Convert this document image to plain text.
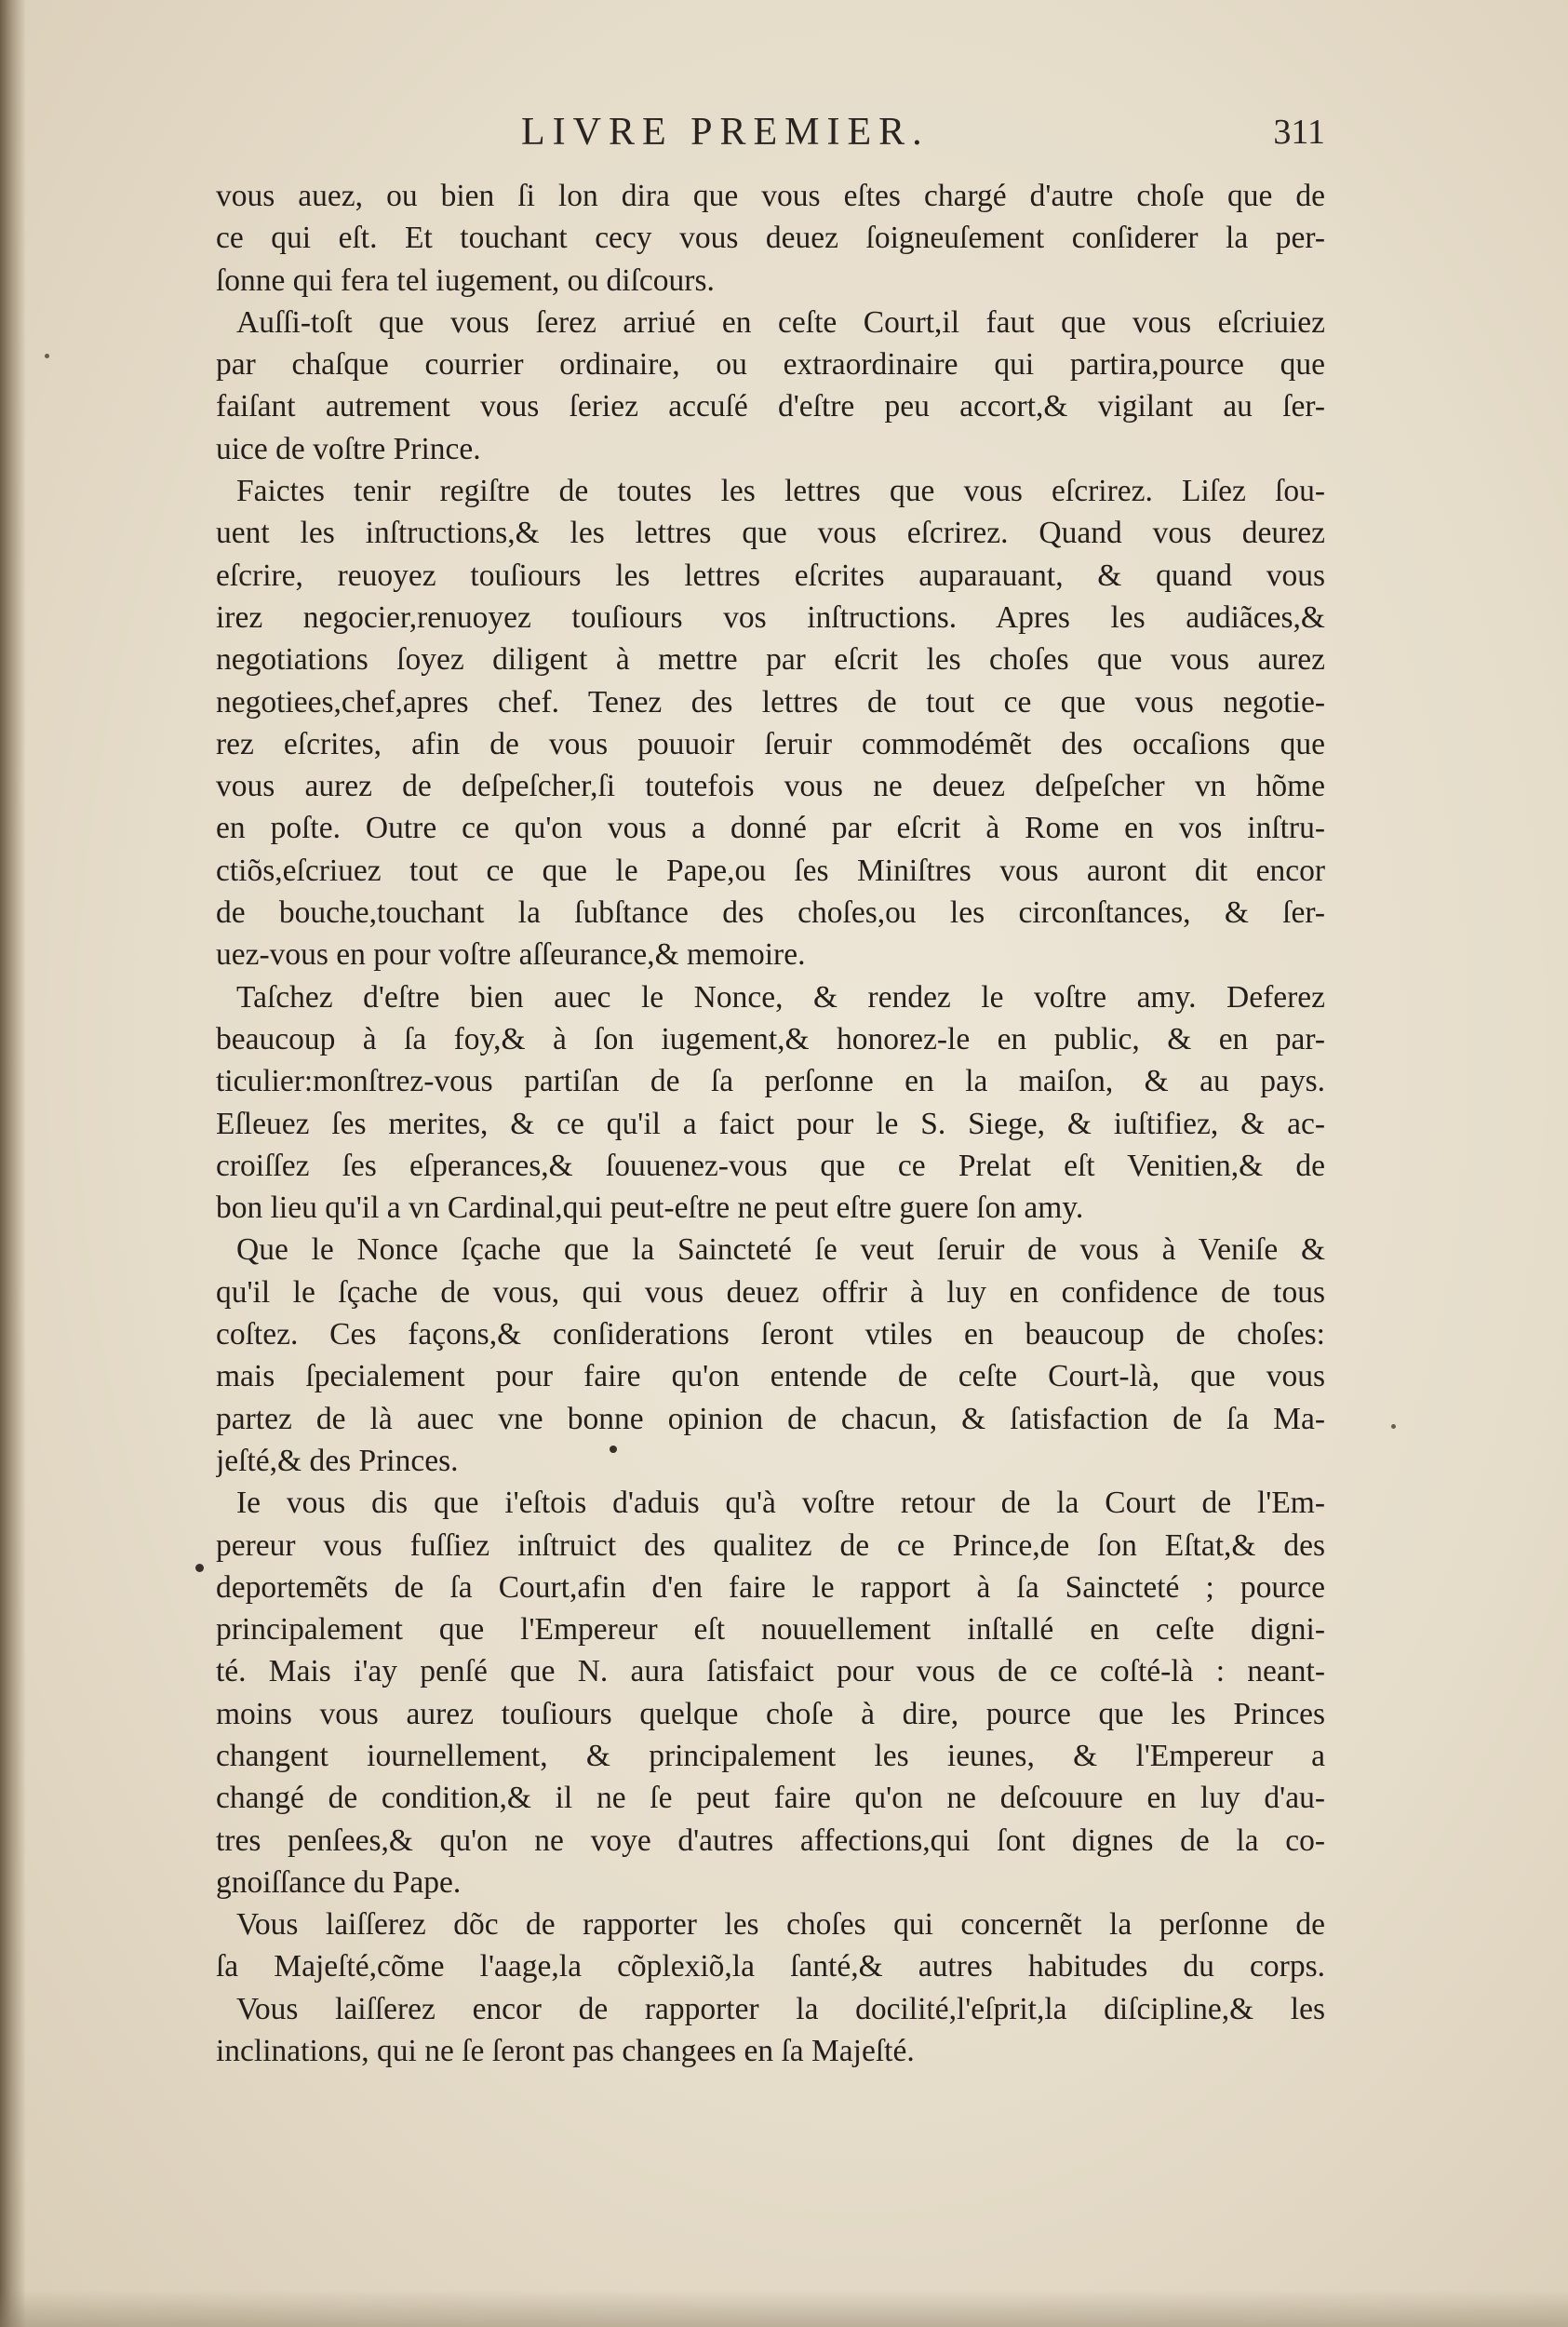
LIVRE PREMIER.	311
vous auez, ou bien ſi lon dira que vous eſtes chargé d'autre choſe que de
ce qui eſt. Et touchant cecy vous deuez ſoigneuſement conſiderer la per-
ſonne qui fera tel iugement, ou diſcours.
Auſſi-toſt que vous ſerez arriué en ceſte Court,il faut que vous eſcriuiez
par chaſque courrier ordinaire, ou extraordinaire qui partira,pource que
faiſant autrement vous ſeriez accuſé d'eſtre peu accort,& vigilant au ſer-
uice de voſtre Prince.
Faictes tenir regiſtre de toutes les lettres que vous eſcrirez. Liſez ſou-
uent les inſtructions,& les lettres que vous eſcrirez. Quand vous deurez
eſcrire, reuoyez touſiours les lettres eſcrites auparauant, & quand vous
irez negocier,renuoyez touſiours vos inſtructions. Apres les audiãces,&
negotiations ſoyez diligent à mettre par eſcrit les choſes que vous aurez
negotiees,chef,apres chef. Tenez des lettres de tout ce que vous negotie-
rez eſcrites, afin de vous pouuoir ſeruir commodémẽt des occaſions que
vous aurez de deſpeſcher,ſi toutefois vous ne deuez deſpeſcher vn hõme
en poſte. Outre ce qu'on vous a donné par eſcrit à Rome en vos inſtru-
ctiõs,eſcriuez tout ce que le Pape,ou ſes Miniſtres vous auront dit encor
de bouche,touchant la ſubſtance des choſes,ou les circonſtances, & ſer-
uez-vous en pour voſtre aſſeurance,& memoire.
Taſchez d'eſtre bien auec le Nonce, & rendez le voſtre amy. Deferez
beaucoup à ſa foy,& à ſon iugement,& honorez-le en public, & en par-
ticulier:monſtrez-vous partiſan de ſa perſonne en la maiſon, & au pays.
Eſleuez ſes merites, & ce qu'il a faict pour le S. Siege, & iuſtifiez, & ac-
croiſſez ſes eſperances,& ſouuenez-vous que ce Prelat eſt Venitien,& de
bon lieu qu'il a vn Cardinal,qui peut-eſtre ne peut eſtre guere ſon amy.
Que le Nonce ſçache que la Saincteté ſe veut ſeruir de vous à Veniſe &
qu'il le ſçache de vous, qui vous deuez offrir à luy en confidence de tous
coſtez. Ces façons,& conſiderations ſeront vtiles en beaucoup de choſes:
mais ſpecialement pour faire qu'on entende de ceſte Court-là, que vous
partez de là auec vne bonne opinion de chacun, & ſatisfaction de ſa Ma-
jeſté,& des Princes.
Ie vous dis que i'eſtois d'aduis qu'à voſtre retour de la Court de l'Em-
pereur vous fuſſiez inſtruict des qualitez de ce Prince,de ſon Eſtat,& des
deportemẽts de ſa Court,afin d'en faire le rapport à ſa Saincteté ; pource
principalement que l'Empereur eſt nouuellement inſtallé en ceſte digni-
té. Mais i'ay penſé que N. aura ſatisfaict pour vous de ce coſté-là : neant-
moins vous aurez touſiours quelque choſe à dire, pource que les Princes
changent iournellement, & principalement les ieunes, & l'Empereur a
changé de condition,& il ne ſe peut faire qu'on ne deſcouure en luy d'au-
tres penſees,& qu'on ne voye d'autres affections,qui ſont dignes de la co-
gnoiſſance du Pape.
Vous laiſſerez dõc de rapporter les choſes qui concernẽt la perſonne de
ſa Majeſté,cõme l'aage,la cõplexiõ,la ſanté,& autres habitudes du corps.
Vous laiſſerez encor de rapporter la docilité,l'eſprit,la diſcipline,& les
inclinations, qui ne ſe ſeront pas changees en ſa Majeſté.
